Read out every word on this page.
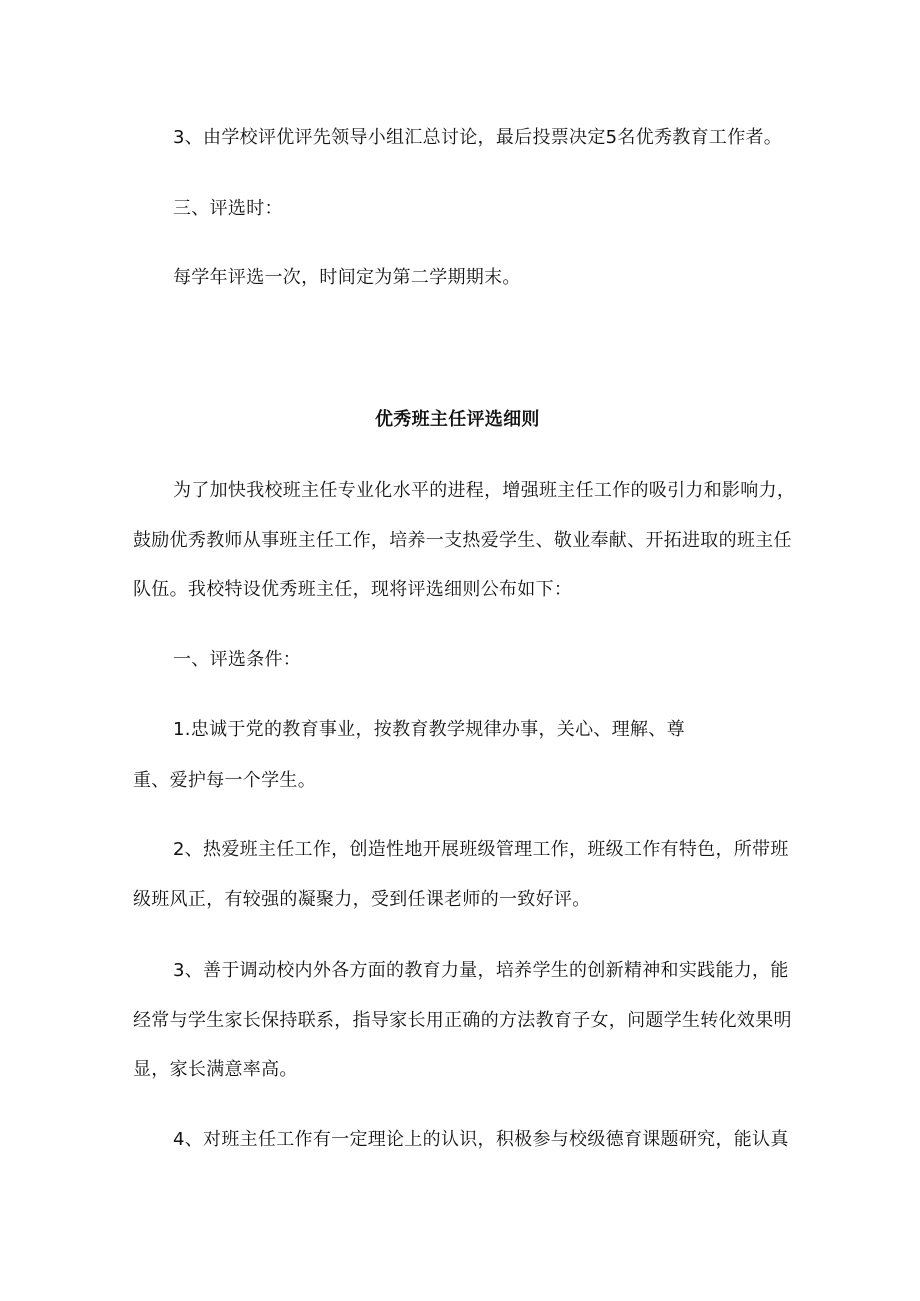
3、由学校评优评先领导小组汇总讨论，最后投票决定5名优秀教育工作者。
三、评选时：
每学年评选一次，时间定为第二学期期末。
优秀班主任评选细则
为了加快我校班主任专业化水平的进程，增强班主任工作的吸引力和影响力，
鼓励优秀教师从事班主任工作，培养一支热爱学生、敬业奉献、开拓进取的班主任
队伍。我校特设优秀班主任，现将评选细则公布如下：
一、评选条件：
1.忠诚于党的教育事业，按教育教学规律办事，关心、理解、尊
重、爱护每一个学生。
2、热爱班主任工作，创造性地开展班级管理工作，班级工作有特色，所带班
级班风正，有较强的凝聚力，受到任课老师的一致好评。
3、善于调动校内外各方面的教育力量，培养学生的创新精神和实践能力，能
经常与学生家长保持联系，指导家长用正确的方法教育子女，问题学生转化效果明
显，家长满意率高。
4、对班主任工作有一定理论上的认识，积极参与校级德育课题研究，能认真
